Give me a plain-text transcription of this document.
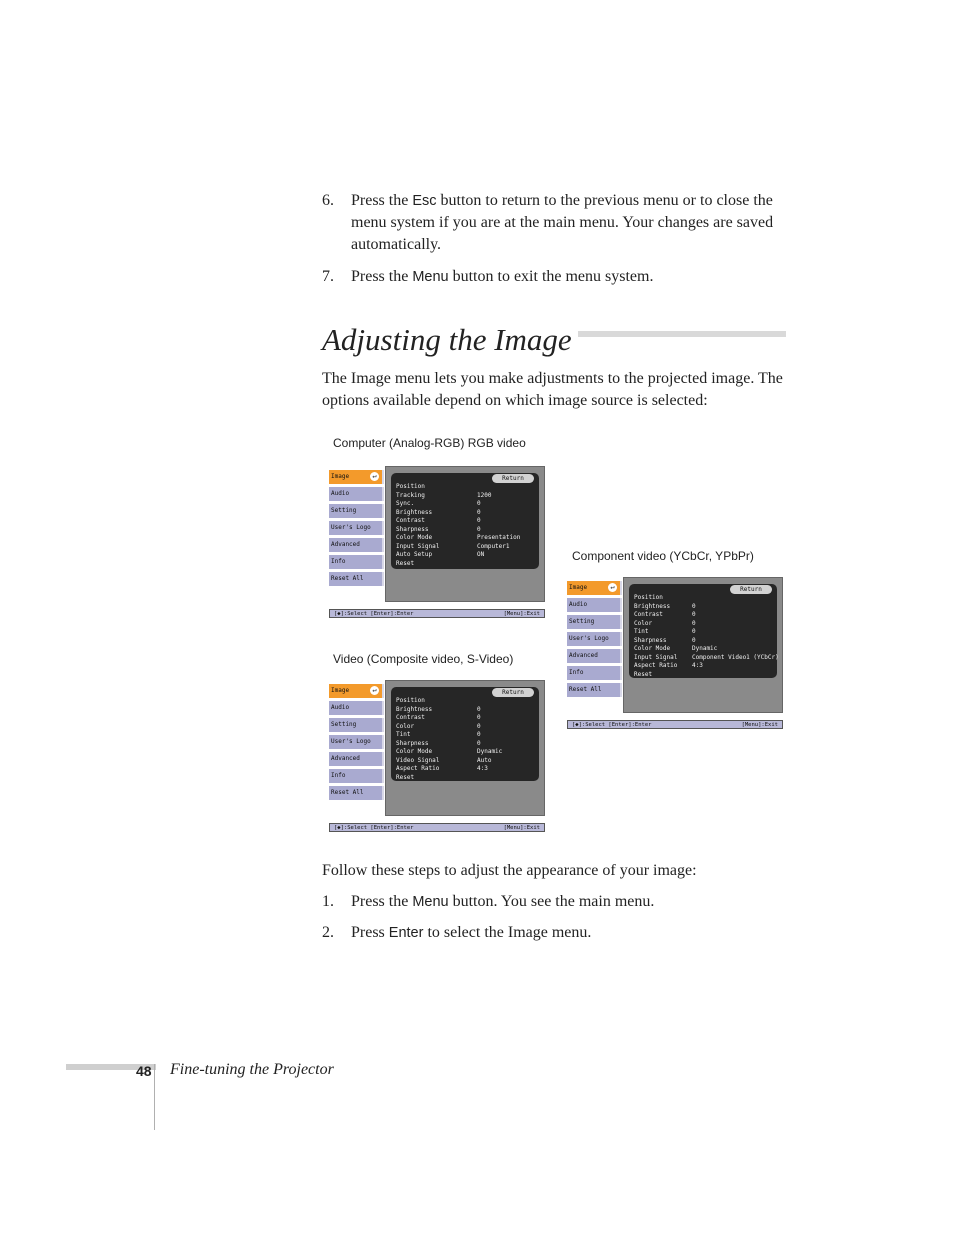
6. Press the Esc button to return to the previous menu or to close the menu system if you are at the main menu. Your changes are saved automatically.
7. Press the Menu button to exit the menu system.
Adjusting the Image
The Image menu lets you make adjustments to the projected image. The options available depend on which image source is selected:
Computer (Analog-RGB) RGB video
Component video (YCbCr, YPbPr)
Video (Composite video, S-Video)
Image	↵
Audio
Setting
User's Logo
Advanced
Info
Reset All
Return
Position
Tracking	1200
Sync.	0
Brightness	0
Contrast	0
Sharpness	0
Color Mode	Presentation
Input Signal	Computer1
Auto Setup	ON
Reset
[◆]:Select [Enter]:Enter	[Menu]:Exit
Image	↵
Audio
Setting
User's Logo
Advanced
Info
Reset All
Return
Position
Brightness	0
Contrast	0
Color	0
Tint	0
Sharpness	0
Color Mode	Dynamic
Input Signal Component Video1 (YCbCr)
Aspect Ratio 4:3
Reset
[◆]:Select [Enter]:Enter	[Menu]:Exit
Image	↵
Audio
Setting
User's Logo
Advanced
Info
Reset All
Return
Position
Brightness	0
Contrast	0
Color	0
Tint	0
Sharpness	0
Color Mode	Dynamic
Video Signal	Auto
Aspect Ratio	4:3
Reset
[◆]:Select [Enter]:Enter	[Menu]:Exit
Follow these steps to adjust the appearance of your image:
1. Press the Menu button. You see the main menu.
2. Press Enter to select the Image menu.
48 Fine-tuning the Projector
